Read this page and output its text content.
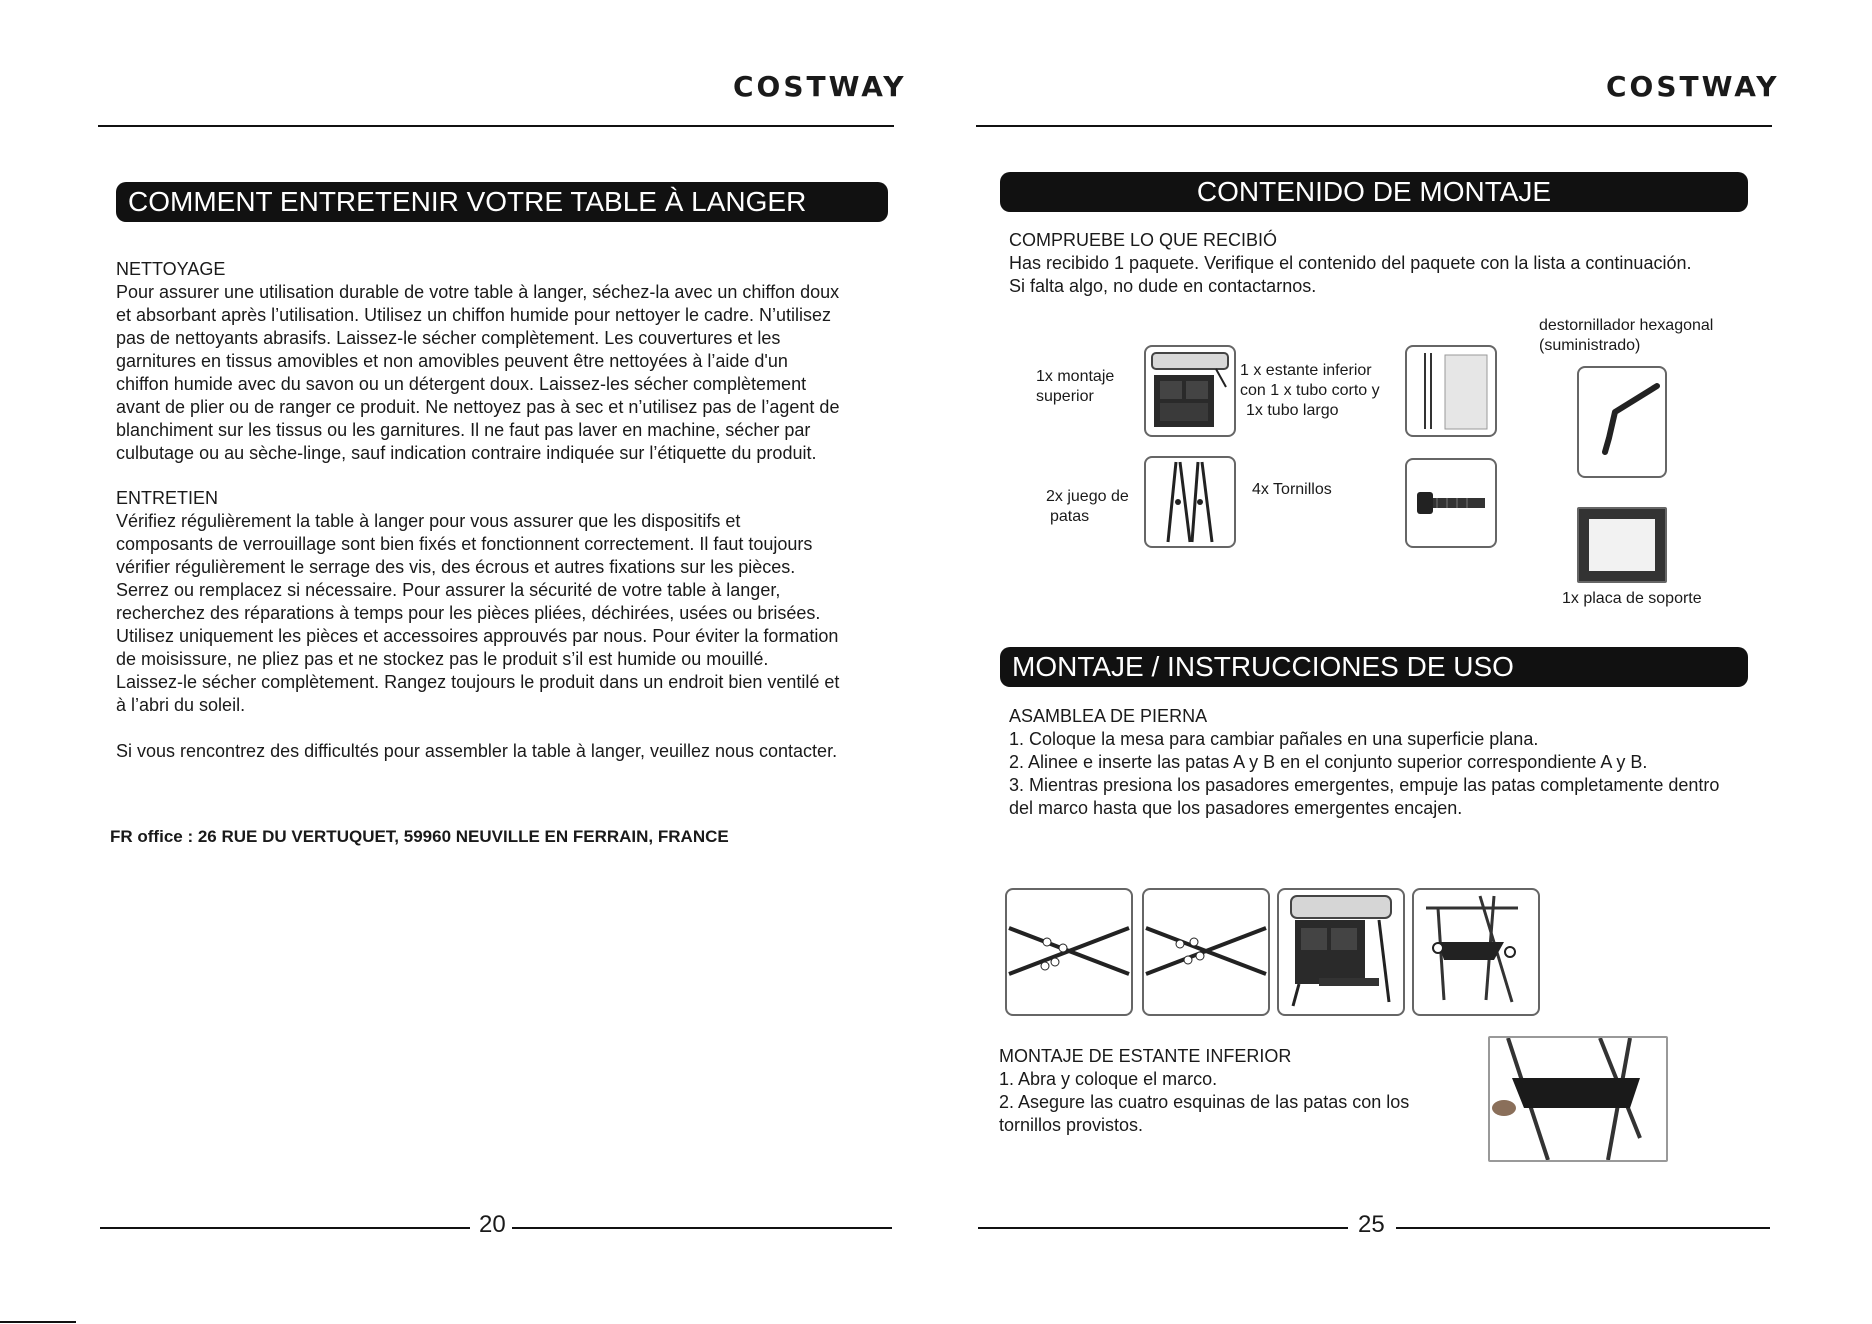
COSTWAY
COMMENT ENTRETENIR VOTRE TABLE À LANGER

NETTOYAGE

Pour assurer une utilisation durable de votre table à langer, séchez-la avec un chiffon doux

et absorbant après l’utilisation. Utilisez un chiffon humide pour nettoyer le cadre. N’utilisez

pas de nettoyants abrasifs. Laissez-le sécher complètement. Les couvertures et les

garnitures en tissus amovibles et non amovibles peuvent être nettoyées à l’aide d'un

chiffon humide avec du savon ou un détergent doux. Laissez-les sécher complètement

avant de plier ou de ranger ce produit. Ne nettoyez pas à sec et n’utilisez pas de l’agent de

blanchiment sur les tissus ou les garnitures. Il ne faut pas laver en machine, sécher par

culbutage ou au sèche-linge, sauf indication contraire indiquée sur l’étiquette du produit.

ENTRETIEN

Vérifiez régulièrement la table à langer pour vous assurer que les dispositifs et

composants de verrouillage sont bien fixés et fonctionnent correctement. Il faut toujours

vérifier régulièrement le serrage des vis, des écrous et autres fixations sur les pièces.

Serrez ou remplacez si nécessaire. Pour assurer la sécurité de votre table à langer,

recherchez des réparations à temps pour les pièces pliées, déchirées, usées ou brisées.

Utilisez uniquement les pièces et accessoires approuvés par nous. Pour éviter la formation

de moisissure, ne pliez pas et ne stockez pas le produit s’il est humide ou mouillé.

Laissez-le sécher complètement. Rangez toujours le produit dans un endroit bien ventilé et

à l’abri du soleil.

Si vous rencontrez des difficultés pour assembler la table à langer, veuillez nous contacter.
FR office : 26 RUE DU VERTUQUET, 59960 NEUVILLE EN FERRAIN, FRANCE
20
COSTWAY
CONTENIDO DE MONTAJE

COMPRUEBE LO QUE RECIBIÓ

Has recibido 1 paquete. Verifique el contenido del paquete con la lista a continuación.

Si falta algo, no dude en contactarnos.

1x montaje
superior
1 x estante inferior
con 1 x tubo corto y
1x tubo largo
2x juego de
patas
4x Tornillos
destornillador hexagonal
(suministrado)
1x placa de soporte
MONTAJE / INSTRUCCIONES DE USO

ASAMBLEA DE PIERNA

1. Coloque la mesa para cambiar pañales en una superficie plana.

2. Alinee e inserte las patas A y B en el conjunto superior correspondiente A y B.

3. Mientras presiona los pasadores emergentes, empuje las patas completamente dentro

del marco hasta que los pasadores emergentes encajen.

MONTAJE DE ESTANTE INFERIOR

1. Abra y coloque el marco.

2. Asegure las cuatro esquinas de las patas con los

tornillos provistos.

25
